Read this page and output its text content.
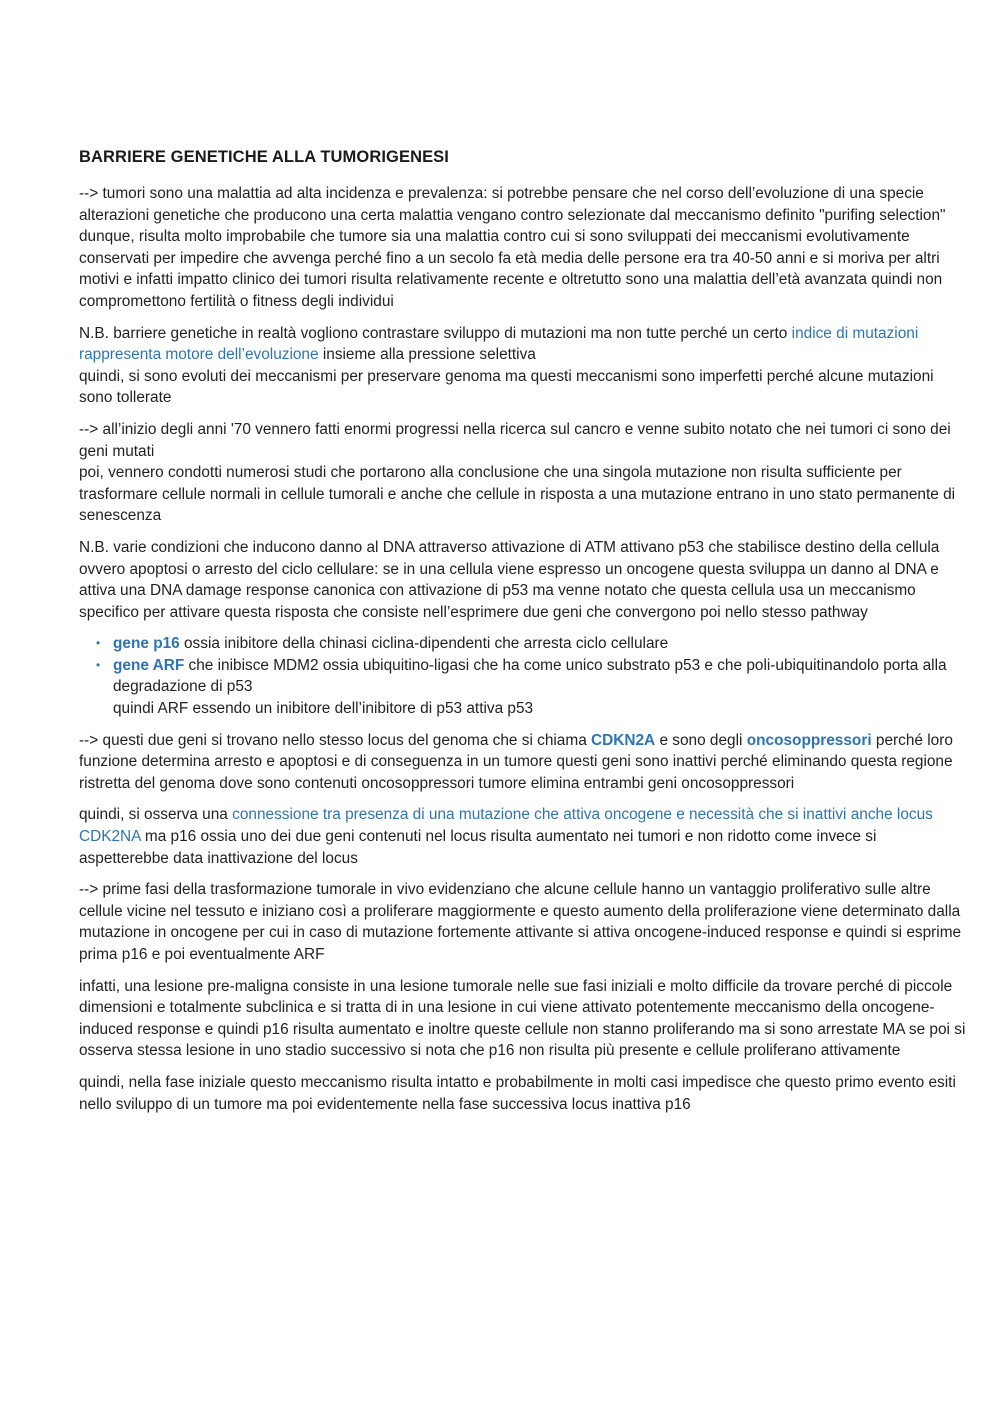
BARRIERE GENETICHE ALLA TUMORIGENESI
--> tumori sono una malattia ad alta incidenza e prevalenza: si potrebbe pensare che nel corso dell’evoluzione di una specie alterazioni genetiche che producono una certa malattia vengano contro selezionate dal meccanismo definito "purifing selection"
dunque, risulta molto improbabile che tumore sia una malattia contro cui si sono sviluppati dei meccanismi evolutivamente conservati per impedire che avvenga perché fino a un secolo fa età media delle persone era tra 40-50 anni e si moriva per altri motivi e infatti impatto clinico dei tumori risulta relativamente recente e oltretutto sono una malattia dell’età avanzata quindi non compromettono fertilità o fitness degli individui
N.B. barriere genetiche in realtà vogliono contrastare sviluppo di mutazioni ma non tutte perché un certo indice di mutazioni rappresenta motore dell’evoluzione insieme alla pressione selettiva
quindi, si sono evoluti dei meccanismi per preservare genoma ma questi meccanismi sono imperfetti perché alcune mutazioni sono tollerate
--> all’inizio degli anni '70 vennero fatti enormi progressi nella ricerca sul cancro e venne subito notato che nei tumori ci sono dei geni mutati
poi, vennero condotti numerosi studi che portarono alla conclusione che una singola mutazione non risulta sufficiente per trasformare cellule normali in cellule tumorali e anche che cellule in risposta a una mutazione entrano in uno stato permanente di senescenza
N.B. varie condizioni che inducono danno al DNA attraverso attivazione di ATM attivano p53 che stabilisce destino della cellula ovvero apoptosi o arresto del ciclo cellulare: se in una cellula viene espresso un oncogene questa sviluppa un danno al DNA e attiva una DNA damage response canonica con attivazione di p53 ma venne notato che questa cellula usa un meccanismo specifico per attivare questa risposta che consiste nell’esprimere due geni che convergono poi nello stesso pathway
• gene p16 ossia inibitore della chinasi ciclina-dipendenti che arresta ciclo cellulare
• gene ARF che inibisce MDM2 ossia ubiquitino-ligasi che ha come unico substrato p53 e che poli-ubiquitinandolo porta alla degradazione di p53
quindi ARF essendo un inibitore dell’inibitore di p53 attiva p53
--> questi due geni si trovano nello stesso locus del genoma che si chiama CDKN2A e sono degli oncosoppressori perché loro funzione determina arresto e apoptosi e di conseguenza in un tumore questi geni sono inattivi perché eliminando questa regione ristretta del genoma dove sono contenuti oncosoppressori tumore elimina entrambi geni oncosoppressori
quindi, si osserva una connessione tra presenza di una mutazione che attiva oncogene e necessità che si inattivi anche locus CDK2NA ma p16 ossia uno dei due geni contenuti nel locus risulta aumentato nei tumori e non ridotto come invece si aspetterebbe data inattivazione del locus
--> prime fasi della trasformazione tumorale in vivo evidenziano che alcune cellule hanno un vantaggio proliferativo sulle altre cellule vicine nel tessuto e iniziano così a proliferare maggiormente e questo aumento della proliferazione viene determinato dalla mutazione in oncogene per cui in caso di mutazione fortemente attivante si attiva oncogene-induced response e quindi si esprime prima p16 e poi eventualmente ARF
infatti, una lesione pre-maligna consiste in una lesione tumorale nelle sue fasi iniziali e molto difficile da trovare perché di piccole dimensioni e totalmente subclinica e si tratta di in una lesione in cui viene attivato potentemente meccanismo della oncogene-induced response e quindi p16 risulta aumentato e inoltre queste cellule non stanno proliferando ma si sono arrestate MA se poi si osserva stessa lesione in uno stadio successivo si nota che p16 non risulta più presente e cellule proliferano attivamente
quindi, nella fase iniziale questo meccanismo risulta intatto e probabilmente in molti casi impedisce che questo primo evento esiti nello sviluppo di un tumore ma poi evidentemente nella fase successiva locus inattiva p16
